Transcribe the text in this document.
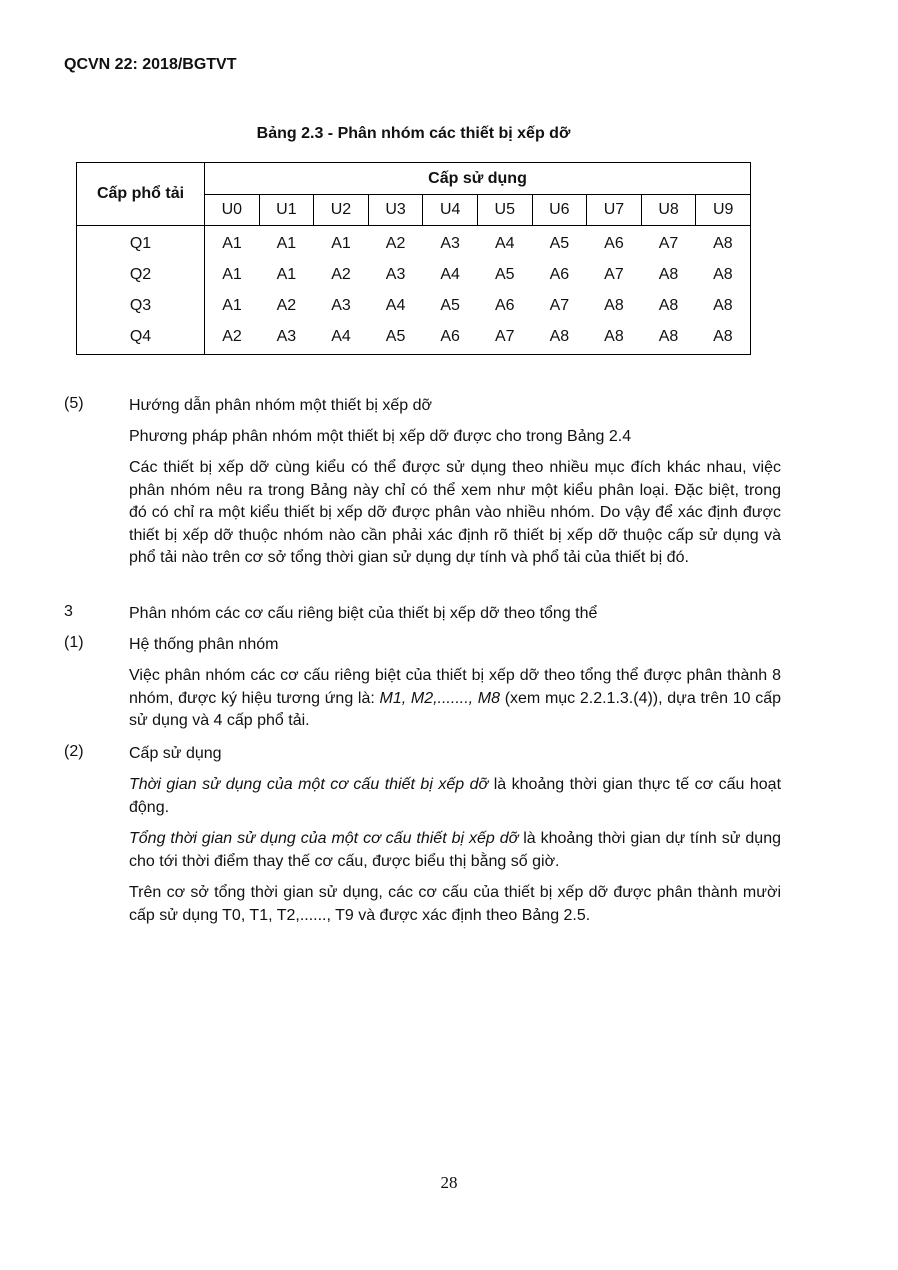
QCVN 22: 2018/BGTVT
Bảng 2.3 - Phân nhóm các thiết bị xếp dỡ
Cấp phổ tải	Cấp sử dụng									
	U0	U1	U2	U3	U4	U5	U6	U7	U8	U9
Q1	A1	A1	A1	A2	A3	A4	A5	A6	A7	A8
Q2	A1	A1	A2	A3	A4	A5	A6	A7	A8	A8
Q3	A1	A2	A3	A4	A5	A6	A7	A8	A8	A8
Q4	A2	A3	A4	A5	A6	A7	A8	A8	A8	A8
(5)	Hướng dẫn phân nhóm một thiết bị xếp dỡ
Phương pháp phân nhóm một thiết bị xếp dỡ được cho trong Bảng 2.4
Các thiết bị xếp dỡ cùng kiểu có thể được sử dụng theo nhiều mục đích khác nhau, việc phân nhóm nêu ra trong Bảng này chỉ có thể xem như một kiểu phân loại. Đặc biệt, trong đó có chỉ ra một kiểu thiết bị xếp dỡ được phân vào nhiều nhóm. Do vậy để xác định được thiết bị xếp dỡ thuộc nhóm nào cần phải xác định rõ thiết bị xếp dỡ thuộc cấp sử dụng và phổ tải nào trên cơ sở tổng thời gian sử dụng dự tính và phổ tải của thiết bị đó.
3	Phân nhóm các cơ cấu riêng biệt của thiết bị xếp dỡ theo tổng thể
(1)	Hệ thống phân nhóm
Việc phân nhóm các cơ cấu riêng biệt của thiết bị xếp dỡ theo tổng thể được phân thành 8 nhóm, được ký hiệu tương ứng là: M1, M2,......., M8 (xem mục 2.2.1.3.(4)), dựa trên 10 cấp sử dụng và 4 cấp phổ tải.
(2)	Cấp sử dụng
Thời gian sử dụng của một cơ cấu thiết bị xếp dỡ là khoảng thời gian thực tế cơ cấu hoạt động.
Tổng thời gian sử dụng của một cơ cấu thiết bị xếp dỡ là khoảng thời gian dự tính sử dụng cho tới thời điểm thay thế cơ cấu, được biểu thị bằng số giờ.
Trên cơ sở tổng thời gian sử dụng, các cơ cấu của thiết bị xếp dỡ được phân thành mười cấp sử dụng T0, T1, T2,......, T9 và được xác định theo Bảng 2.5.
28
